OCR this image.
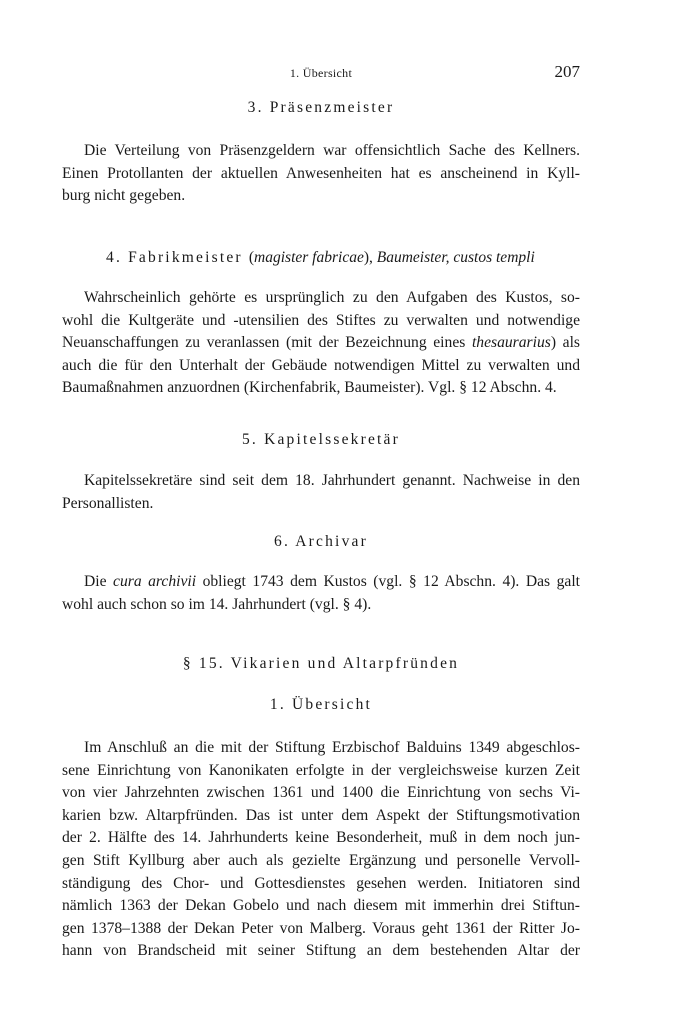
1. Übersicht	207
3. Präsenzmeister
Die Verteilung von Präsenzgeldern war offensichtlich Sache des Kellners.
Einen Protollanten der aktuellen Anwesenheiten hat es anscheinend in Kyll-
burg nicht gegeben.
4. Fabrikmeister (magister fabricae), Baumeister, custos templi
Wahrscheinlich gehörte es ursprünglich zu den Aufgaben des Kustos, so-
wohl die Kultgeräte und -utensilien des Stiftes zu verwalten und notwendige
Neuanschaffungen zu veranlassen (mit der Bezeichnung eines thesaurarius) als
auch die für den Unterhalt der Gebäude notwendigen Mittel zu verwalten und
Baumaßnahmen anzuordnen (Kirchenfabrik, Baumeister). Vgl. § 12 Abschn. 4.
5. Kapitelssekretär
Kapitelssekretäre sind seit dem 18. Jahrhundert genannt. Nachweise in den
Personallisten.
6. Archivar
Die cura archivii obliegt 1743 dem Kustos (vgl. § 12 Abschn. 4). Das galt
wohl auch schon so im 14. Jahrhundert (vgl. § 4).
§ 15. Vikarien und Altarpfründen
1. Übersicht
Im Anschluß an die mit der Stiftung Erzbischof Balduins 1349 abgeschlos-
sene Einrichtung von Kanonikaten erfolgte in der vergleichsweise kurzen Zeit
von vier Jahrzehnten zwischen 1361 und 1400 die Einrichtung von sechs Vi-
karien bzw. Altarpfründen. Das ist unter dem Aspekt der Stiftungsmotivation
der 2. Hälfte des 14. Jahrhunderts keine Besonderheit, muß in dem noch jun-
gen Stift Kyllburg aber auch als gezielte Ergänzung und personelle Vervoll-
ständigung des Chor- und Gottesdienstes gesehen werden. Initiatoren sind
nämlich 1363 der Dekan Gobelo und nach diesem mit immerhin drei Stiftun-
gen 1378–1388 der Dekan Peter von Malberg. Voraus geht 1361 der Ritter Jo-
hann von Brandscheid mit seiner Stiftung an dem bestehenden Altar der
